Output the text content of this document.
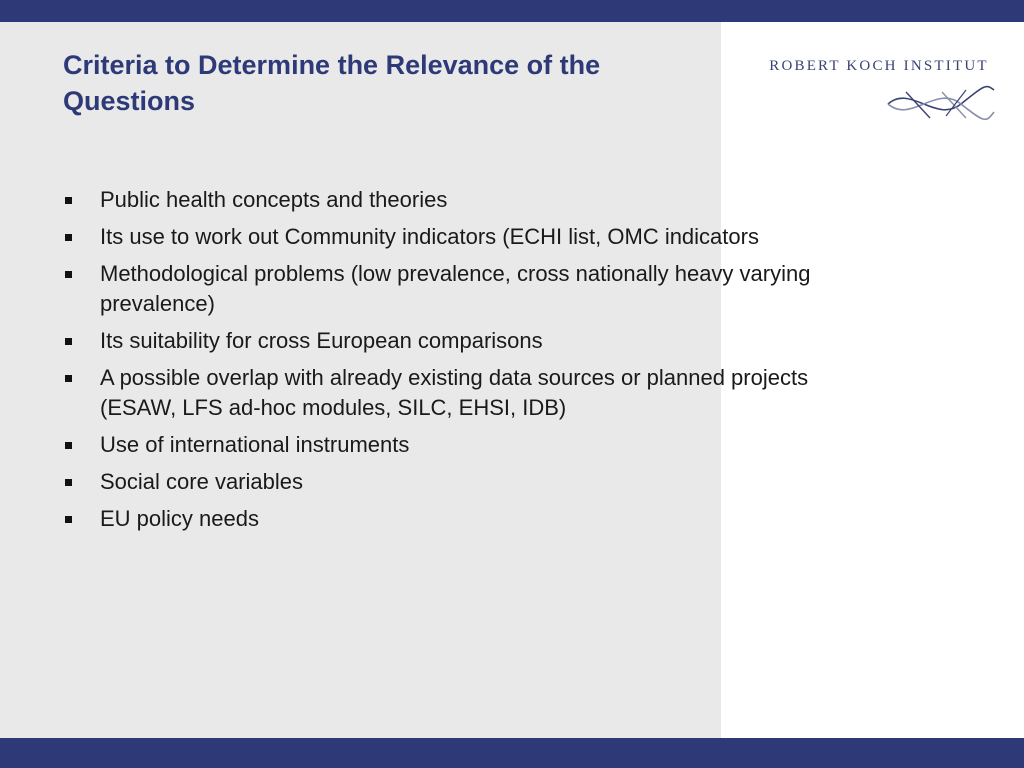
Criteria to Determine the Relevance of the Questions
ROBERT KOCH INSTITUT
Public health concepts and theories
Its use to work out Community indicators (ECHI list, OMC indicators
Methodological problems (low prevalence, cross nationally heavy varying prevalence)
Its suitability for cross European comparisons
A possible overlap with already existing data sources or planned projects (ESAW, LFS ad-hoc modules, SILC, EHSI, IDB)
Use of international instruments
Social core variables
EU policy needs
